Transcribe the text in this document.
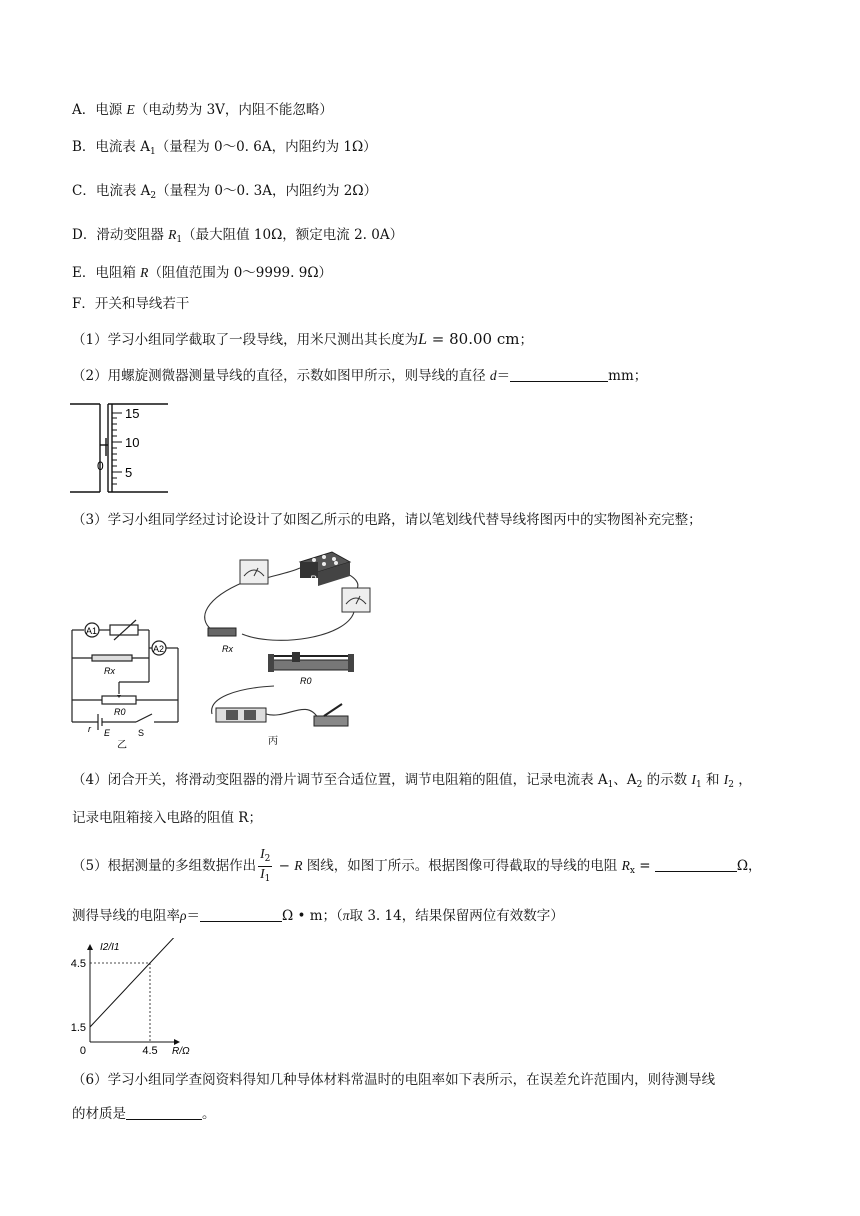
A．电源 E（电动势为 3V，内阻不能忽略）
B．电流表 $A_1$（量程为 0～0. 6A，内阻约为 1Ω）
C．电流表 $A_2$（量程为 0～0. 3A，内阻约为 2Ω）
D．滑动变阻器 $R_1$（最大阻值 10Ω，额定电流 2. 0A）
E．电阻箱 R（阻值范围为 0～9999. 9Ω）
F．开关和导线若干
（1）学习小组同学截取了一段导线，用米尺测出其长度为L = 80.00 cm；
（2）用螺旋测微器测量导线的直径，示数如图甲所示，则导线的直径 d＝	mm；
15
10
5
0
（3）学习小组同学经过讨论设计了如图乙所示的电路，请以笔划线代替导线将图丙中的实物图补充完整；
A1
A2
Rx
R0
r E	S
乙
R
Rx
R0
丙
（4）闭合开关，将滑动变阻器的滑片调节至合适位置，调节电阻箱的阻值，记录电流表 $A_1$、$A_2$ 的示数 $I_1$ 和 $I_2$ ，
记录电阻箱接入电路的阻值 R；
（5）根据测量的多组数据作出 $\frac{I_2}{I_1} - R$ 图线，如图丁所示。根据图像可得截取的导线的电阻 $R_x$ =	Ω，
测得导线的电阻率ρ＝	Ω • m；（π取 3. 14，结果保留两位有效数字）
4.5
1.5
0	4.5
I2/I1
R/Ω
（6）学习小组同学查阅资料得知几种导体材料常温时的电阻率如下表所示，在误差允许范围内，则待测导线
的材质是	。
